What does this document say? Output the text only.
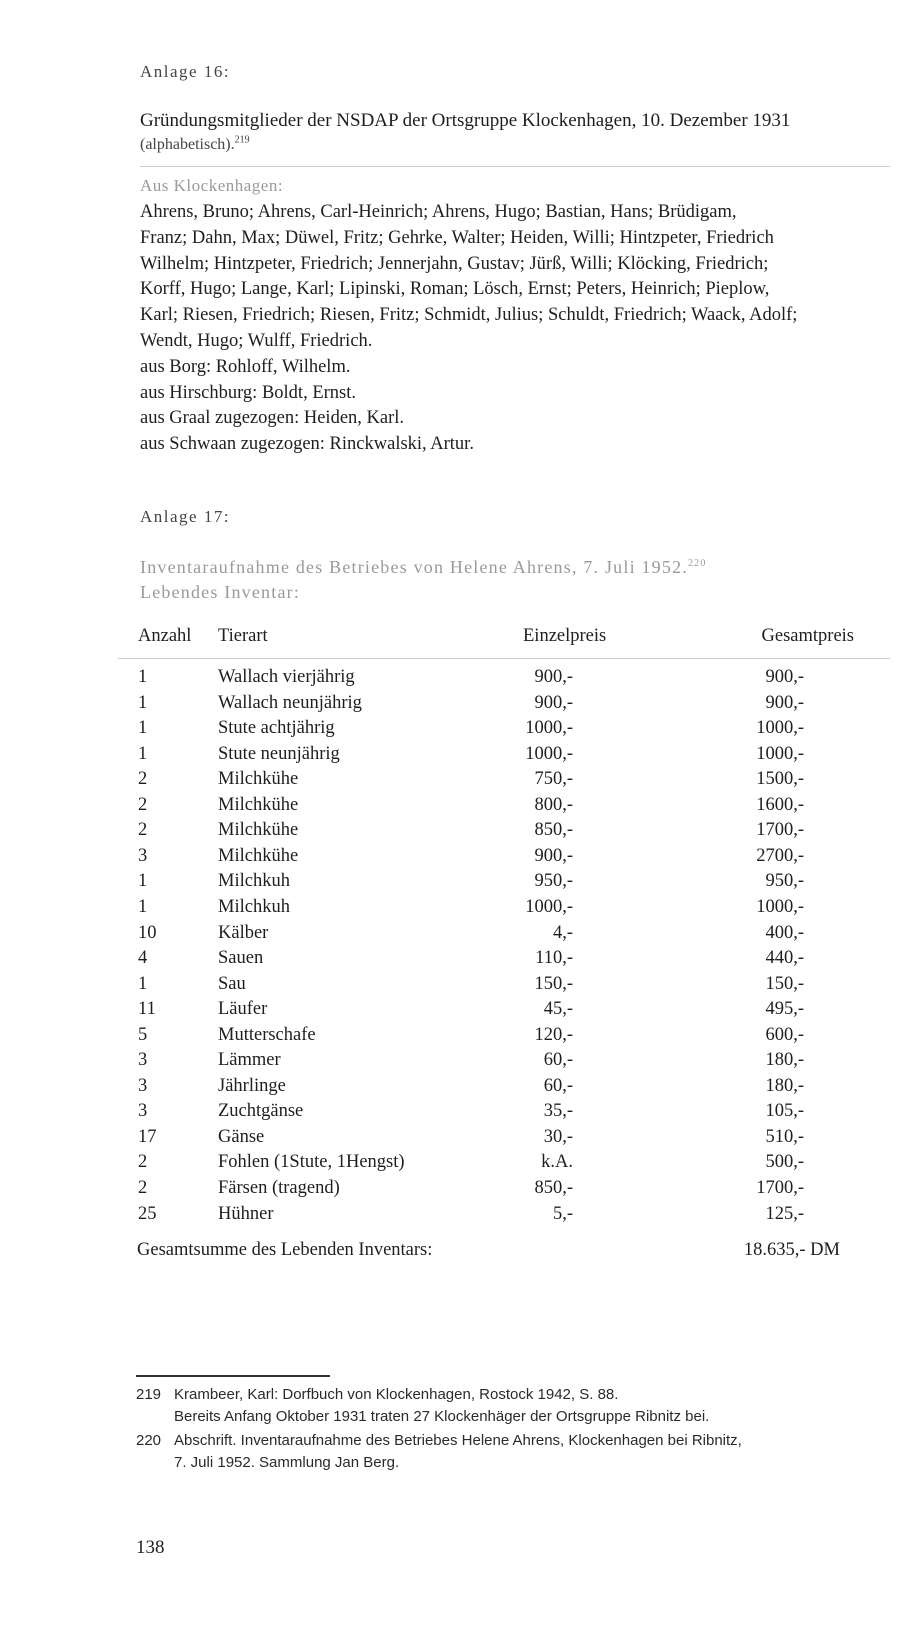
Anlage 16:
Gründungsmitglieder der NSDAP der Ortsgruppe Klockenhagen, 10. Dezember 1931
(alphabetisch).$^{219}$
Aus Klockenhagen:
Ahrens, Bruno; Ahrens, Carl-Heinrich; Ahrens, Hugo; Bastian, Hans; Brüdigam,
Franz; Dahn, Max; Düwel, Fritz; Gehrke, Walter; Heiden, Willi; Hintzpeter, Friedrich
Wilhelm; Hintzpeter, Friedrich; Jennerjahn, Gustav; Jürß, Willi; Klöcking, Friedrich;
Korff, Hugo; Lange, Karl; Lipinski, Roman; Lösch, Ernst; Peters, Heinrich; Pieplow,
Karl; Riesen, Friedrich; Riesen, Fritz; Schmidt, Julius; Schuldt, Friedrich; Waack, Adolf;
Wendt, Hugo; Wulff, Friedrich.
aus Borg: Rohloff, Wilhelm.
aus Hirschburg: Boldt, Ernst.
aus Graal zugezogen: Heiden, Karl.
aus Schwaan zugezogen: Rinckwalski, Artur.
Anlage 17:
Inventaraufnahme des Betriebes von Helene Ahrens, 7. Juli 1952.$^{220}$
Lebendes Inventar:
Anzahl Tierart	Einzelpreis	Gesamtpreis
1	Wallach vierjährig	900,-	900,-
1	Wallach neunjährig	900,-	900,-
1	Stute achtjährig	1000,-	1000,-
1	Stute neunjährig	1000,-	1000,-
2	Milchkühe	750,-	1500,-
2	Milchkühe	800,-	1600,-
2	Milchkühe	850,-	1700,-
3	Milchkühe	900,-	2700,-
1	Milchkuh	950,-	950,-
1	Milchkuh	1000,-	1000,-
10	Kälber	4,-	400,-
4	Sauen	110,-	440,-
1	Sau	150,-	150,-
11	Läufer	45,-	495,-
5	Mutterschafe	120,-	600,-
3	Lämmer	60,-	180,-
3	Jährlinge	60,-	180,-
3	Zuchtgänse	35,-	105,-
17	Gänse	30,-	510,-
2	Fohlen (1Stute, 1Hengst)	k.A.	500,-
2	Färsen (tragend)	850,-	1700,-
25	Hühner	5,-	125,-
Gesamtsumme des Lebenden Inventars:	18.635,- DM
219 Krambeer, Karl: Dorfbuch von Klockenhagen, Rostock 1942, S. 88.
Bereits Anfang Oktober 1931 traten 27 Klockenhäger der Ortsgruppe Ribnitz bei.
220 Abschrift. Inventaraufnahme des Betriebes Helene Ahrens, Klockenhagen bei Ribnitz,
7. Juli 1952. Sammlung Jan Berg.
138
